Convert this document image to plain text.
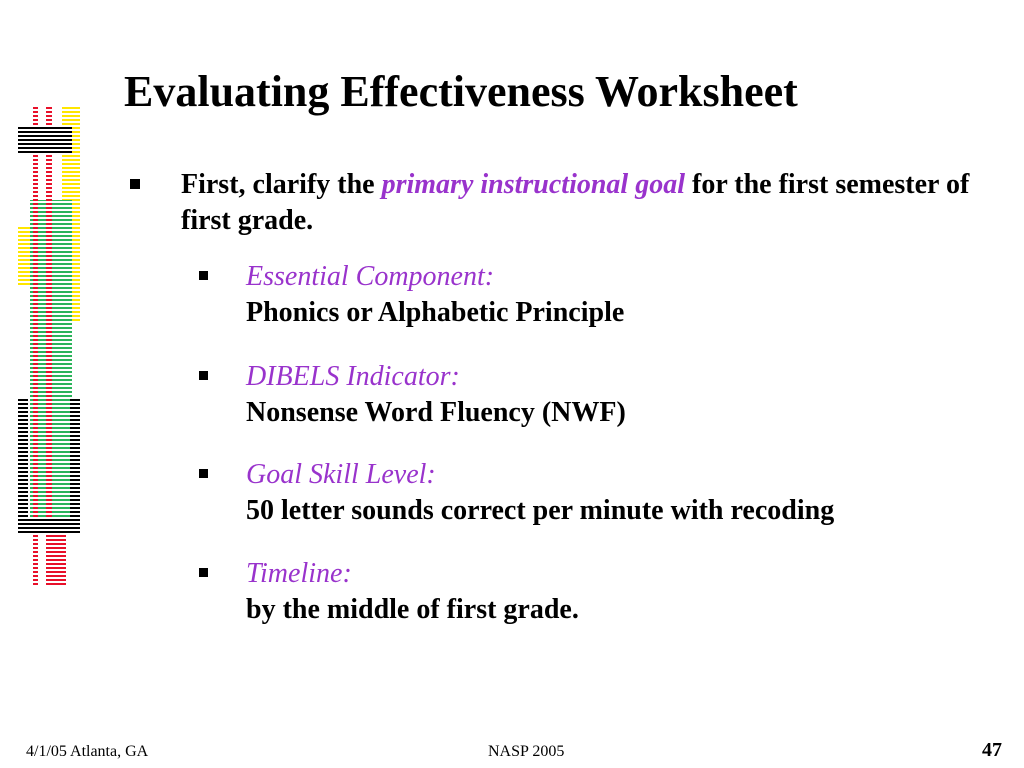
Evaluating Effectiveness Worksheet
First, clarify the primary instructional goal for the first semester of first grade.
Essential Component:
Phonics or Alphabetic Principle
DIBELS Indicator:
Nonsense Word Fluency (NWF)
Goal Skill Level:
50 letter sounds correct per minute with recoding
Timeline:
by the middle of first grade.
4/1/05 Atlanta, GA	NASP 2005	47
